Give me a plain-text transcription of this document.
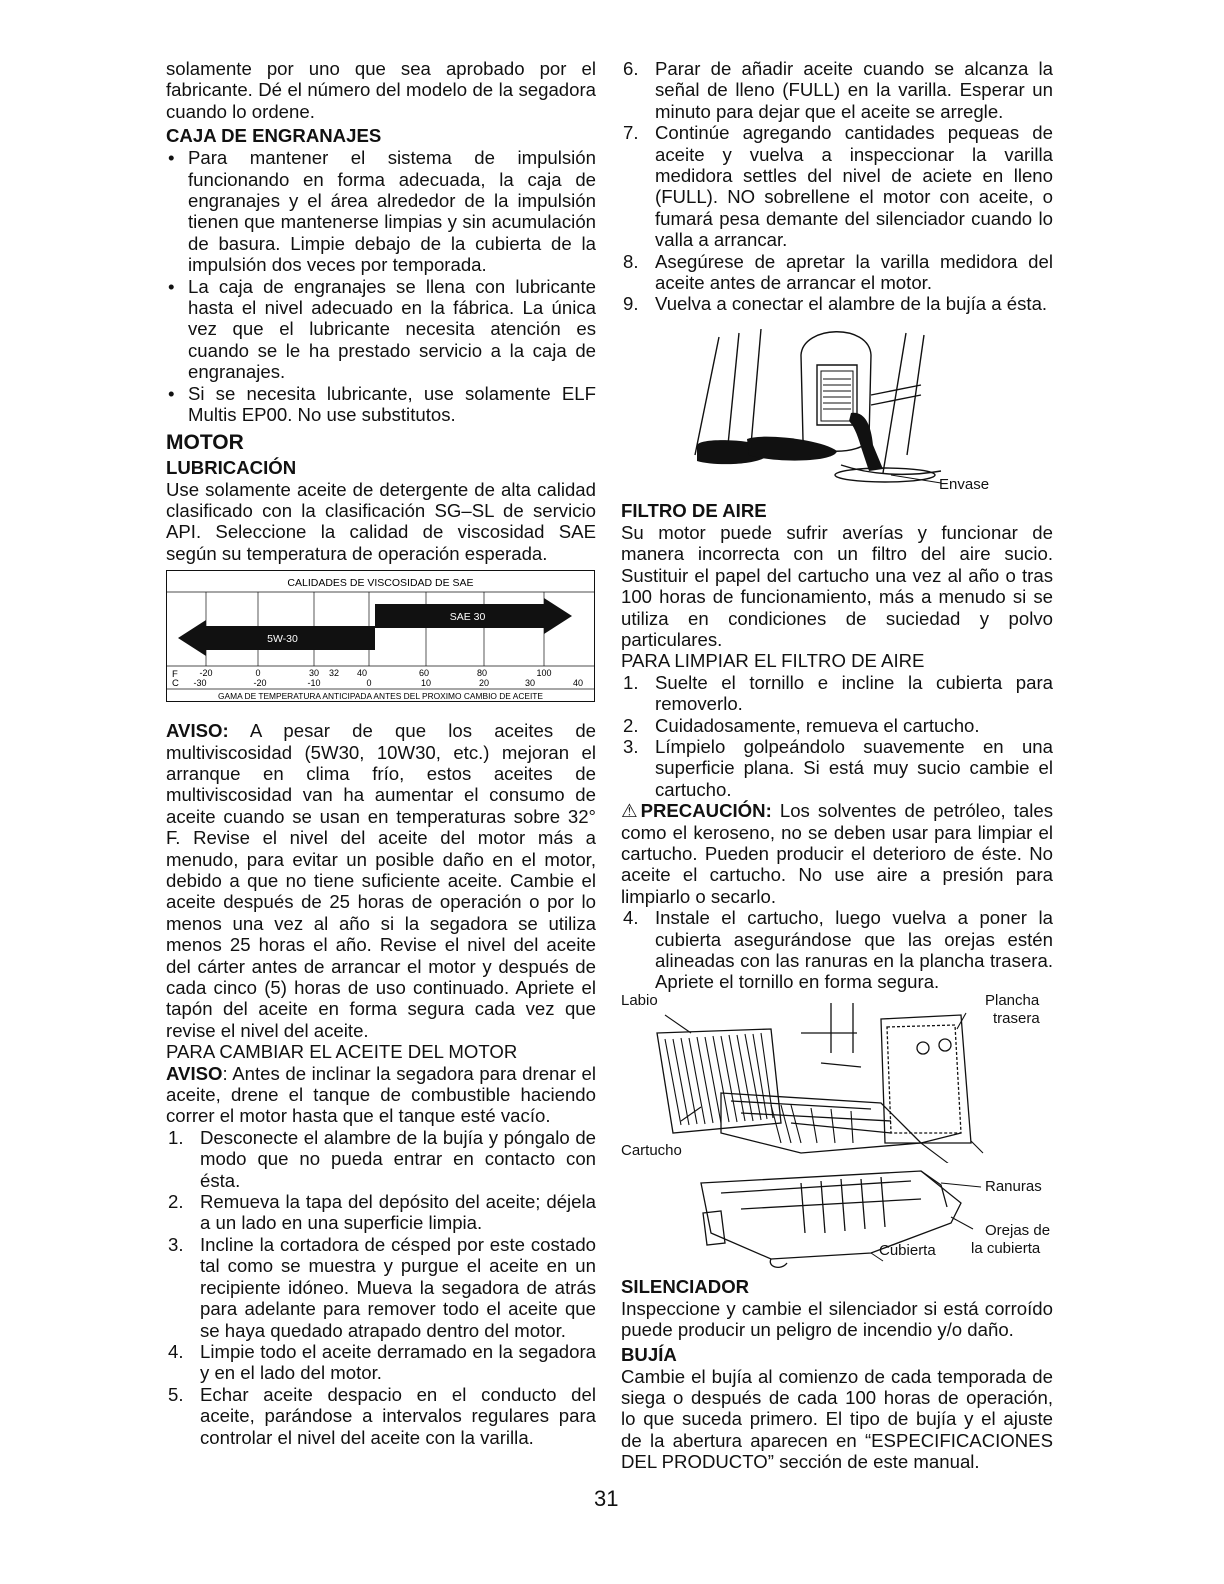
solamente por uno que sea aprobado por el fabricante. Dé el número del modelo de la segadora cuando lo ordene.

CAJA DE ENGRANAJES
• Para mantener el sistema de impulsión funcionando en forma adecuada, la caja de engranajes y el área alrededor de la impulsión tienen que mantenerse limpias y sin acumulación de basura. Limpie debajo de la cubierta de la impulsión dos veces por temporada.
• La caja de engranajes se llena con lubricante hasta el nivel adecuado en la fábrica. La única vez que el lubricante necesita atención es cuando se le ha prestado servicio a la caja de engranajes.
• Si se necesita lubricante, use solamente ELF Multis EP00. No use substitutos.
MOTOR
LUBRICACIÓN

Use solamente aceite de detergente de alta calidad clasificado con la clasificación SG–SL de servicio API. Seleccione la calidad de viscosidad SAE según su temperatura de operación esperada.

CALIDADES DE VISCOSIDAD DE SAE
5W-30
SAE 30
F
C
-20	0	30 32 40	60	80	100
-30	-20	-10	0	10	20	30	40
GAMA DE TEMPERATURA ANTICIPADA ANTES DEL PROXIMO CAMBIO DE ACEITE

AVISO: A pesar de que los aceites de multiviscosidad (5W30, 10W30, etc.) mejoran el arranque en clima frío, estos aceites de multiviscosidad van ha aumentar el consumo de aceite cuando se usan en temperaturas sobre 32° F. Revise el nivel del aceite del motor más a menudo, para evitar un posible daño en el motor, debido a que no tiene suficiente aceite. Cambie el aceite después de 25 horas de operación o por lo menos una vez al año si la segadora se utiliza menos 25 horas el año. Revise el nivel del aceite del cárter antes de arrancar el motor y después de cada cinco (5) horas de uso continuado. Apriete el tapón del aceite en forma segura cada vez que revise el nivel del aceite.

PARA CAMBIAR EL ACEITE DEL MOTOR

AVISO: Antes de inclinar la segadora para drenar el aceite, drene el tanque de combustible haciendo correr el motor hasta que el tanque esté vacío.

1. Desconecte el alambre de la bujía y póngalo de modo que no pueda entrar en contacto con ésta.
2. Remueva la tapa del depósito del aceite; déjela a un lado en una superficie limpia.
3. Incline la cortadora de césped por este costado tal como se muestra y purgue el aceite en un recipiente idóneo. Mueva la segadora de atrás para adelante para remover todo el aceite que se haya quedado atrapado dentro del motor.
4. Limpie todo el aceite derramado en la segadora y en el lado del motor.
5. Echar aceite despacio en el conducto del aceite, parándose a intervalos regulares para controlar el nivel del aceite con la varilla.
6. Parar de añadir aceite cuando se alcanza la señal de lleno (FULL) en la varilla. Esperar un minuto para dejar que el aceite se arregle.
7. Continúe agregando cantidades pequeas de aceite y vuelva a inspeccionar la varilla medidora settles del nivel de aciete en lleno (FULL). NO sobrellene el motor con aceite, o fumará pesa demante del silenciador cuando lo valla a arrancar.
8. Asegúrese de apretar la varilla medidora del aceite antes de arrancar el motor.
9. Vuelva a conectar el alambre de la bujía a ésta.
Envase
FILTRO DE AIRE

Su motor puede sufrir averías y funcionar de manera incorrecta con un filtro del aire sucio. Sustituir el papel del cartucho una vez al año o tras 100 horas de funcionamiento, más a menudo si se utiliza en condiciones de suciedad y polvo particulares.

PARA LIMPIAR EL FILTRO DE AIRE

1. Suelte el tornillo e incline la cubierta para removerlo.
2. Cuidadosamente, remueva el cartucho.
3. Límpielo golpeándolo suavemente en una superficie plana. Si está muy sucio cambie el cartucho.

⚠PRECAUCIÓN: Los solventes de petróleo, tales como el keroseno, no se deben usar para limpiar el cartucho. Pueden producir el deterioro de éste. No aceite el cartucho. No use aire a presión para limpiarlo o secarlo.

4. Instale el cartucho, luego vuelva a poner la cubierta asegurándose que las orejas estén alineadas con las ranuras en la plancha trasera. Apriete el tornillo en forma segura.
Labio	Plancha
trasera
Cartucho
Ranuras
Orejas de
la cubierta
Cubierta
SILENCIADOR

Inspeccione y cambie el silenciador si está corroído puede producir un peligro de incendio y/o daño.

BUJÍA

Cambie el bujía al comienzo de cada temporada de siega o después de cada 100 horas de operación, lo que suceda primero. El tipo de bujía y el ajuste de la abertura aparecen en “ESPECIFICACIONES DEL PRODUCTO” sección de este manual.

31
